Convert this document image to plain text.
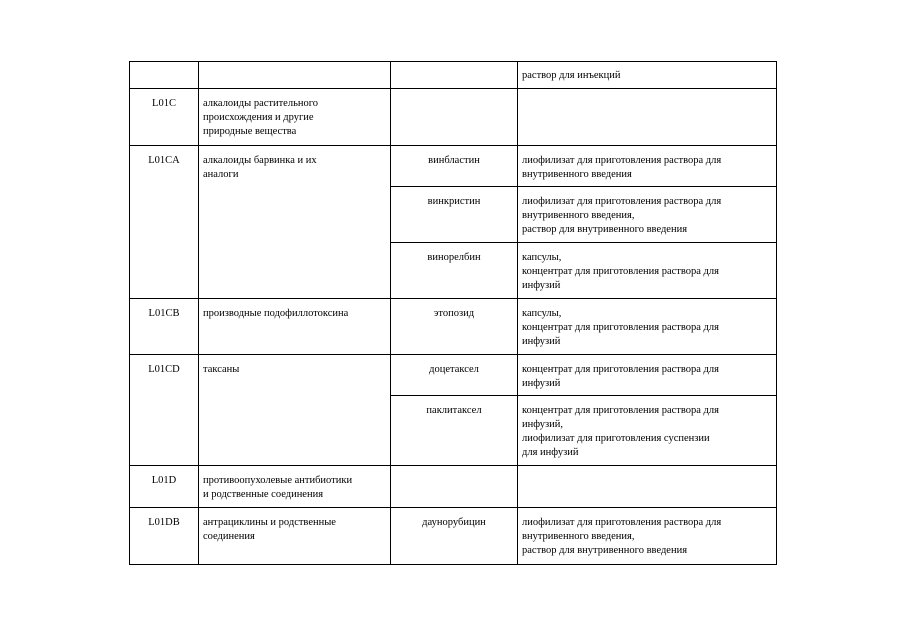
			раствор для инъекций

L01C	алкалоиды растительного
происхождения и другие
природные вещества		

L01CA	алкалоиды барвинка и их
аналоги	винбластин	лиофилизат для приготовления раствора для
внутривенного введения

		винкристин	лиофилизат для приготовления раствора для
внутривенного введения,
раствор для внутривенного введения

		винорелбин	капсулы,
концентрат для приготовления раствора для
инфузий

L01CB	производные подофиллотоксина	этопозид	капсулы,
концентрат для приготовления раствора для
инфузий

L01CD	таксаны	доцетаксел	концентрат для приготовления раствора для
инфузий

		паклитаксел	концентрат для приготовления раствора для
инфузий,
лиофилизат для приготовления суспензии
для инфузий

L01D	противоопухолевые антибиотики
и родственные соединения		

L01DB	антрациклины и родственные
соединения	даунорубицин	лиофилизат для приготовления раствора для
внутривенного введения,
раствор для внутривенного введения
